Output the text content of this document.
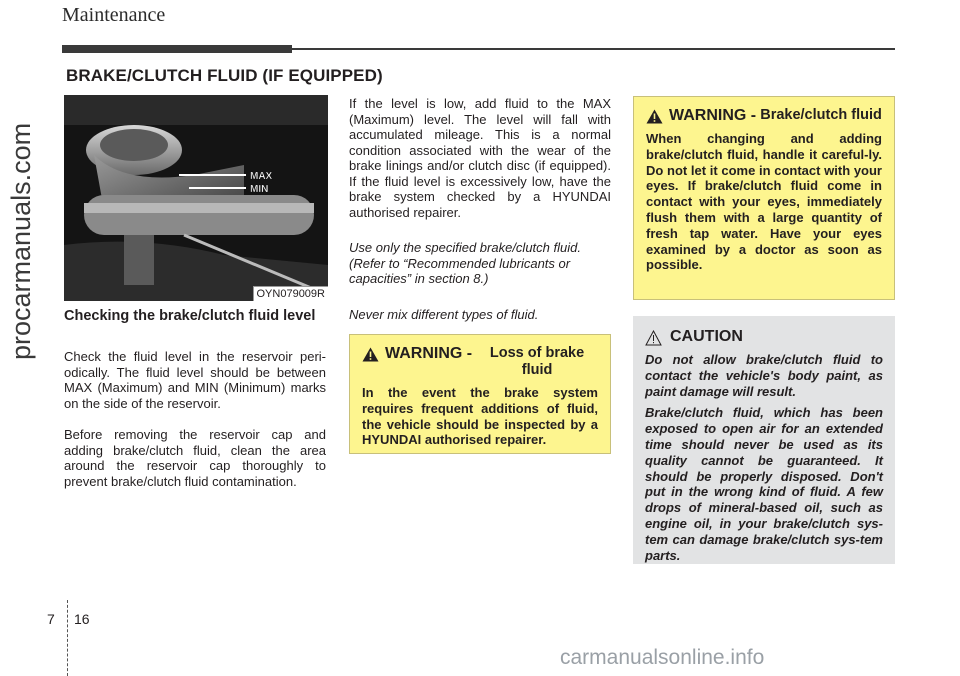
Maintenance
BRAKE/CLUTCH FLUID (IF EQUIPPED)
procarmanuals.com	MAX
MIN
OYN079009R
Checking the brake/clutch fluid level

Check the fluid level in the reservoir peri-odically. The fluid level should be between MAX (Maximum) and MIN (Minimum) marks on the side of the reservoir.

Before removing the reservoir cap and adding brake/clutch fluid, clean the area around the reservoir cap thoroughly to prevent brake/clutch fluid contamination.

If the level is low, add fluid to the MAX (Maximum) level. The level will fall with accumulated mileage. This is a normal condition associated with the wear of the brake linings and/or clutch disc (if equipped). If the fluid level is excessively low, have the brake system checked by a HYUNDAI authorised repairer.

Use only the specified brake/clutch fluid. (Refer to “Recommended lubricants or capacities” in section 8.)

Never mix different types of fluid.

WARNING -	Loss of brake fluid
In the event the brake system requires frequent additions of fluid, the vehicle should be inspected by a HYUNDAI authorised repairer.
WARNING - Brake/clutch fluid
When changing and adding brake/clutch fluid, handle it careful-ly. Do not let it come in contact with your eyes. If brake/clutch fluid come in contact with your eyes, immediately flush them with a large quantity of fresh tap water. Have your eyes examined by a doctor as soon as possible.
CAUTION

Do not allow brake/clutch fluid to contact the vehicle's body paint, as paint damage will result.

Brake/clutch fluid, which has been exposed to open air for an extended time should never be used as its quality cannot be guaranteed. It should be properly disposed. Don't put in the wrong kind of fluid. A few drops of mineral-based oil, such as engine oil, in your brake/clutch sys-tem can damage brake/clutch sys-tem parts.

7 16
carmanualsonline.info
